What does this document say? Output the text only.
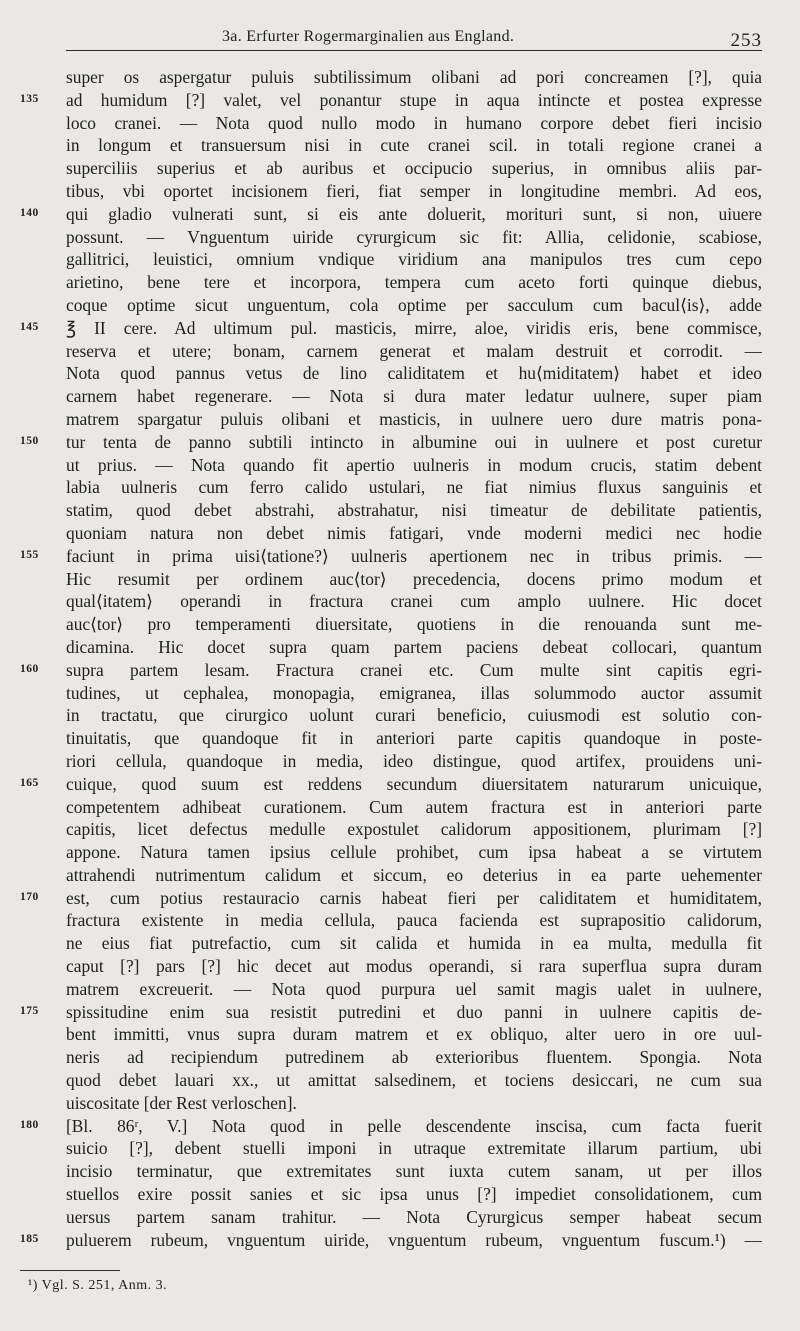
3a. Erfurter Rogermarginalien aus England.	253
super os aspergatur puluis subtilissimum olibani ad pori concreamen [?], quia
135 ad humidum [?] valet, vel ponantur stupe in aqua intincte et postea expresse
loco cranei. — Nota quod nullo modo in humano corpore debet fieri incisio
in longum et transuersum nisi in cute cranei scil. in totali regione cranei a
superciliis superius et ab auribus et occipucio superius, in omnibus aliis par-
tibus, vbi oportet incisionem fieri, fiat semper in longitudine membri. Ad eos,
140 qui gladio vulnerati sunt, si eis ante doluerit, morituri sunt, si non, uiuere
possunt. — Vnguentum uiride cyrurgicum sic fit: Allia, celidonie, scabiose,
gallitrici, leuistici, omnium vndique viridium ana manipulos tres cum cepo
arietino, bene tere et incorpora, tempera cum aceto forti quinque diebus,
coque optime sicut unguentum, cola optime per sacculum cum bacul⟨is⟩, adde
145 ℥ II cere. Ad ultimum pul. masticis, mirre, aloe, viridis eris, bene commisce,
reserva et utere; bonam, carnem generat et malam destruit et corrodit. —
Nota quod pannus vetus de lino caliditatem et hu⟨miditatem⟩ habet et ideo
carnem habet regenerare. — Nota si dura mater ledatur uulnere, super piam
matrem spargatur puluis olibani et masticis, in uulnere uero dure matris pona-
150 tur tenta de panno subtili intincto in albumine oui in uulnere et post curetur
ut prius. — Nota quando fit apertio uulneris in modum crucis, statim debent
labia uulneris cum ferro calido ustulari, ne fiat nimius fluxus sanguinis et
statim, quod debet abstrahi, abstrahatur, nisi timeatur de debilitate patientis,
quoniam natura non debet nimis fatigari, vnde moderni medici nec hodie
155 faciunt in prima uisi⟨tatione?⟩ uulneris apertionem nec in tribus primis. —
Hic resumit per ordinem auc⟨tor⟩ precedencia, docens primo modum et
qual⟨itatem⟩ operandi in fractura cranei cum amplo uulnere. Hic docet
auc⟨tor⟩ pro temperamenti diuersitate, quotiens in die renouanda sunt me-
dicamina. Hic docet supra quam partem paciens debeat collocari, quantum
160 supra partem lesam. Fractura cranei etc. Cum multe sint capitis egri-
tudines, ut cephalea, monopagia, emigranea, illas solummodo auctor assumit
in tractatu, que cirurgico uolunt curari beneficio, cuiusmodi est solutio con-
tinuitatis, que quandoque fit in anteriori parte capitis quandoque in poste-
riori cellula, quandoque in media, ideo distingue, quod artifex, prouidens uni-
165 cuique, quod suum est reddens secundum diuersitatem naturarum unicuique,
competentem adhibeat curationem. Cum autem fractura est in anteriori parte
capitis, licet defectus medulle expostulet calidorum appositionem, plurimam [?]
appone. Natura tamen ipsius cellule prohibet, cum ipsa habeat a se virtutem
attrahendi nutrimentum calidum et siccum, eo deterius in ea parte uehementer
170 est, cum potius restauracio carnis habeat fieri per caliditatem et humiditatem,
fractura existente in media cellula, pauca facienda est suprapositio calidorum,
ne eius fiat putrefactio, cum sit calida et humida in ea multa, medulla fit
caput [?] pars [?] hic decet aut modus operandi, si rara superflua supra duram
matrem excreuerit. — Nota quod purpura uel samit magis ualet in uulnere,
175 spissitudine enim sua resistit putredini et duo panni in uulnere capitis de-
bent immitti, vnus supra duram matrem et ex obliquo, alter uero in ore uul-
neris ad recipiendum putredinem ab exterioribus fluentem. Spongia. Nota
quod debet lauari xx., ut amittat salsedinem, et tociens desiccari, ne cum sua
uiscositate [der Rest verloschen].
180 [Bl. 86ʳ, V.] Nota quod in pelle descendente inscisa, cum facta fuerit
suicio [?], debent stuelli imponi in utraque extremitate illarum partium, ubi
incisio terminatur, que extremitates sunt iuxta cutem sanam, ut per illos
stuellos exire possit sanies et sic ipsa unus [?] impediet consolidationem, cum
uersus partem sanam trahitur. — Nota Cyrurgicus semper habeat secum
185 puluerem rubeum, vnguentum uiride, vnguentum rubeum, vnguentum fuscum.¹) —
¹) Vgl. S. 251, Anm. 3.
